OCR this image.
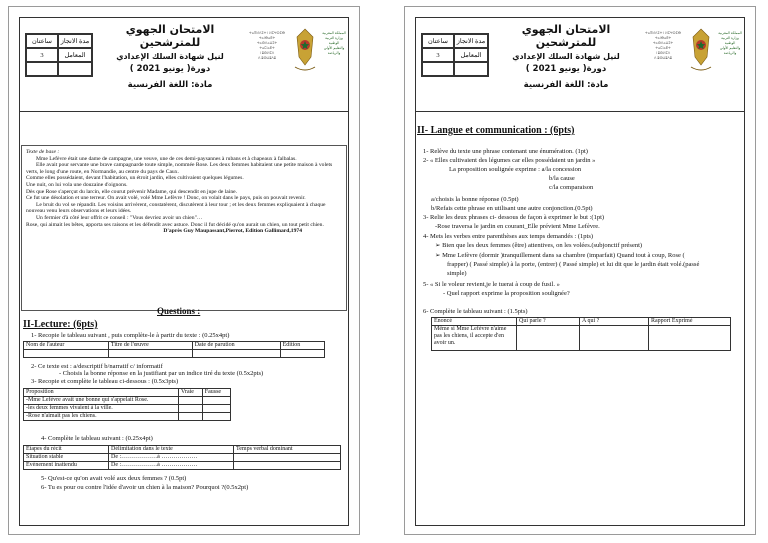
ساعتان	مدة الانجاز
3	المعامل
الامتحان الجهوي للمترشحين
لنيل شهادة السلك الإعدادي
دورة( يونيو 2021 )
مادة: اللغة الفرنسية
ⵜⴰⴳⵍⴷⵉⵜ ⵏ ⵍⵎⵖⵔⵉⴱ
ⵜⴰⵏⴱⴰⴹⵜ
ⵜⴰⵙⴷⴰⵡⵉⵜ
ⵜⴰⵎⵏⴰⴹⵜ
ⵏ ⵓⵙⵍⵎⴷ
ⴷ ⵓⵙⵡⵓⴷⵓ
المملكة المغربية
وزارة التربية
الوطنية
والتعليم الأولي
والرياضة
Texte de base :
Mme Lefèvre était une dame de campagne, une veuve, une de ces demi-paysannes à rubans et à chapeaux à falbalas.
Elle avait pour servante une brave campagnarde toute simple, nommée Rose. Les deux femmes habitaient une petite maison à volets verts, le long d'une route, en Normandie, au centre du pays de Caux.
Comme elles possédaient, devant l'habitation, un étroit jardin, elles cultivaient quelques légumes.
Une nuit, on lui vola une douzaine d'oignons.
Dès que Rose s'aperçut du larcin, elle courut prévenir Madame, qui descendit en jupe de laine.
Ce fut une désolation et une terreur. On avait volé, volé Mme Lefèvre ! Donc, on volait dans le pays, puis on pouvait revenir.
Le bruit du vol se répandit. Les voisins arrivèrent, constatèrent, discutèrent à leur tour ; et les deux femmes expliquaient à chaque nouveau venu leurs observations et leurs idées.
Un fermier d'à côté leur offrit ce conseil : "Vous devriez avoir un chien"…
Rose, qui aimait les bêtes, apporta ses raisons et les défendit avec astuce. Donc il fut décidé qu'on aurait un chien, un tout petit chien.
D'après Guy Maupassant,Pierrot, Edition Gallimard,1974
Questions :
II-Lecture: (6pts)
1- Recopie le tableau suivant , puis complète-le à partir du texte : (0.25x4pt)
Nom de l'auteur	Titre de l'œuvre	Date de parution	Edition

2- Ce texte est : a/descriptif b/narratif c/ informatif
- Choisis la bonne réponse en la justifiant par un indice tiré du texte (0.5x2pts)
3- Recopie et complète le tableau ci-dessous : (0.5x3pts)
Proposition	Vraie	Fausse
-Mme Lefèvre avait une bonne qui s'appelait Rose.		
-les deux femmes vivaient à la ville.		
-Rose n'aimait pas les chiens.		
4- Complète le tableau suivant : (0.25x4pt)
Etapes du récit	Délimitation dans le texte	Temps verbal dominant
Situation stable	De :………………à ………………	
Evénement inattendu	De :………………à ………………	
5- Qu'est-ce qu'on avait volé aux deux femmes ? (0.5pt)
6- Tu es pour ou contre l'idée d'avoir un chien à la maison? Pourquoi ?(0.5x2pt)
ساعتان	مدة الانجاز
3	المعامل
الامتحان الجهوي للمترشحين
لنيل شهادة السلك الإعدادي
دورة( يونيو 2021 )
مادة: اللغة الفرنسية
ⵜⴰⴳⵍⴷⵉⵜ ⵏ ⵍⵎⵖⵔⵉⴱ
ⵜⴰⵏⴱⴰⴹⵜ
ⵜⴰⵙⴷⴰⵡⵉⵜ
ⵜⴰⵎⵏⴰⴹⵜ
ⵏ ⵓⵙⵍⵎⴷ
ⴷ ⵓⵙⵡⵓⴷⵓ
المملكة المغربية
وزارة التربية
الوطنية
والتعليم الأولي
والرياضة
II- Langue et communication : (6pts)
1- Relève du texte une phrase contenant une énumération. (1pt)
2- « Elles cultivaient des légumes car elles possédaient un jardin »
La proposition soulignée exprime : a/la concession
b/la cause
c/la comparaison
a/choisis la bonne réponse (0.5pt)
b/Refais cette phrase en utilisant une autre conjonction.(0.5pt)
3- Relie les deux phrases ci- dessous de façon à exprimer le but :(1pt)
-Rose traversa le jardin en courant_Elle prévient Mme Lefèvre.
4- Mets les verbes entre parenthèses aux temps demandés : (1pts)
➢ Bien que les deux femmes (être) attentives, on les volées.(subjonctif présent)
➢ Mme Lefèvre (dormir )tranquillement dans sa chambre (imparfait) Quand tout à coup, Rose (
frapper) ( Passé simple) à la porte, (entrer) ( Passé simple) et lui dit que le jardin était volé.(passé
simple)
5- « Si le voleur revient,je le tuerai à coup de fusil. »
- Quel rapport exprime la proposition soulignée?
6- Complète le tableau suivant : (1.5pts)
Enoncé	Qui parle ?	A qui ?	Rapport Exprimé
Même si Mme Lefèvre n'aime pas les chiens, il accepte d'en avoir un.			
